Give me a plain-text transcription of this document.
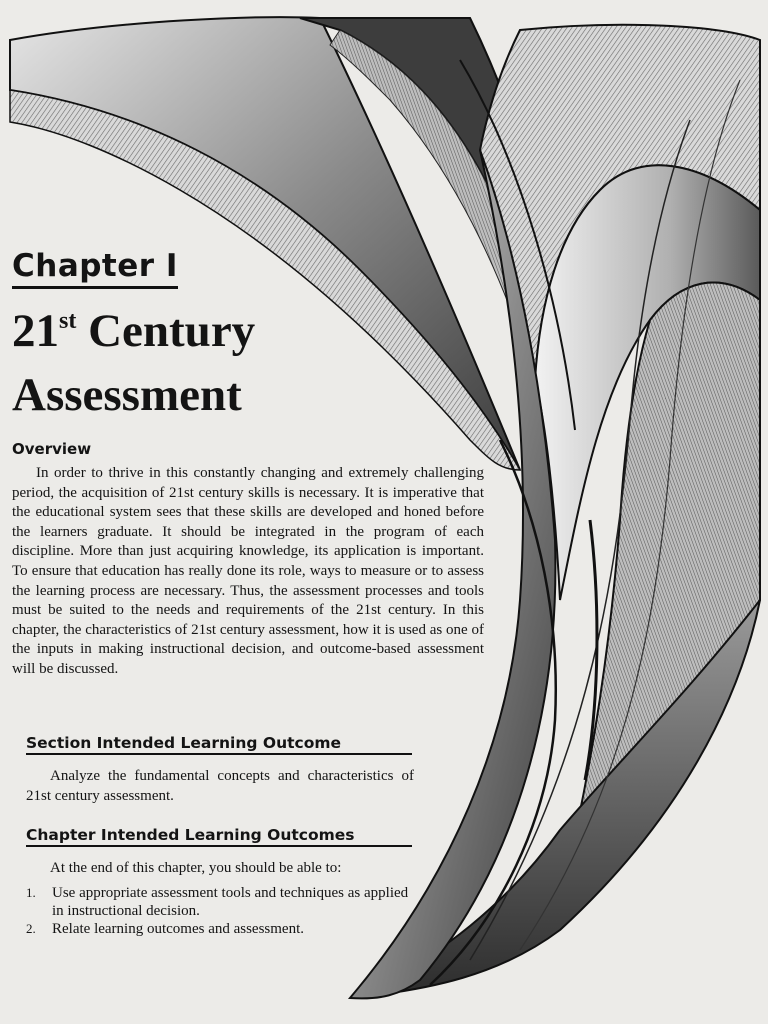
Chapter I
21st Century
Assessment
Overview

In order to thrive in this constantly changing and extremely challenging period, the acquisition of 21st century skills is necessary. It is imperative that the educational system sees that these skills are developed and honed before the learners graduate. It should be integrated in the program of each discipline. More than just acquiring knowledge, its application is important. To ensure that education has really done its role, ways to measure or to assess the learning process are necessary. Thus, the assessment processes and tools must be suited to the needs and requirements of the 21st century. In this chapter, the characteristics of 21st century assessment, how it is used as one of the inputs in making instructional decision, and outcome-based assessment will be discussed.

Section Intended Learning Outcome

Analyze the fundamental concepts and characteristics of 21st century assessment.

Chapter Intended Learning Outcomes
At the end of this chapter, you should be able to:
1. Use appropriate assessment tools and techniques as applied in instructional decision.
2. Relate learning outcomes and assessment.
